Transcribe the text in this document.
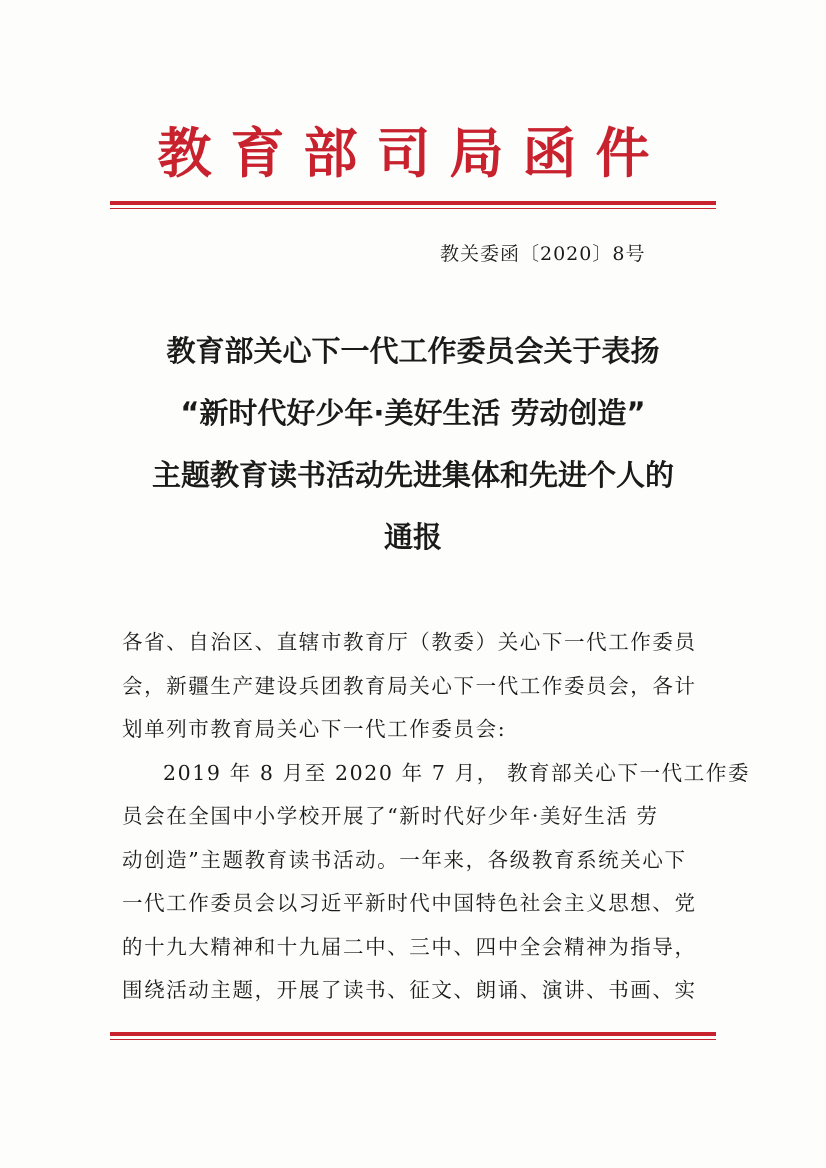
教育部司局函件
教关委函〔2020〕8号
教育部关心下一代工作委员会关于表扬
“新时代好少年·美好生活 劳动创造”
主题教育读书活动先进集体和先进个人的
通报
各省、自治区、直辖市教育厅（教委）关心下一代工作委员
会，新疆生产建设兵团教育局关心下一代工作委员会，各计
划单列市教育局关心下一代工作委员会:
2019 年 8 月至 2020 年 7 月， 教育部关心下一代工作委
员会在全国中小学校开展了“新时代好少年·美好生活 劳
动创造”主题教育读书活动。一年来，各级教育系统关心下
一代工作委员会以习近平新时代中国特色社会主义思想、党
的十九大精神和十九届二中、三中、四中全会精神为指导，
围绕活动主题，开展了读书、征文、朗诵、演讲、书画、实
